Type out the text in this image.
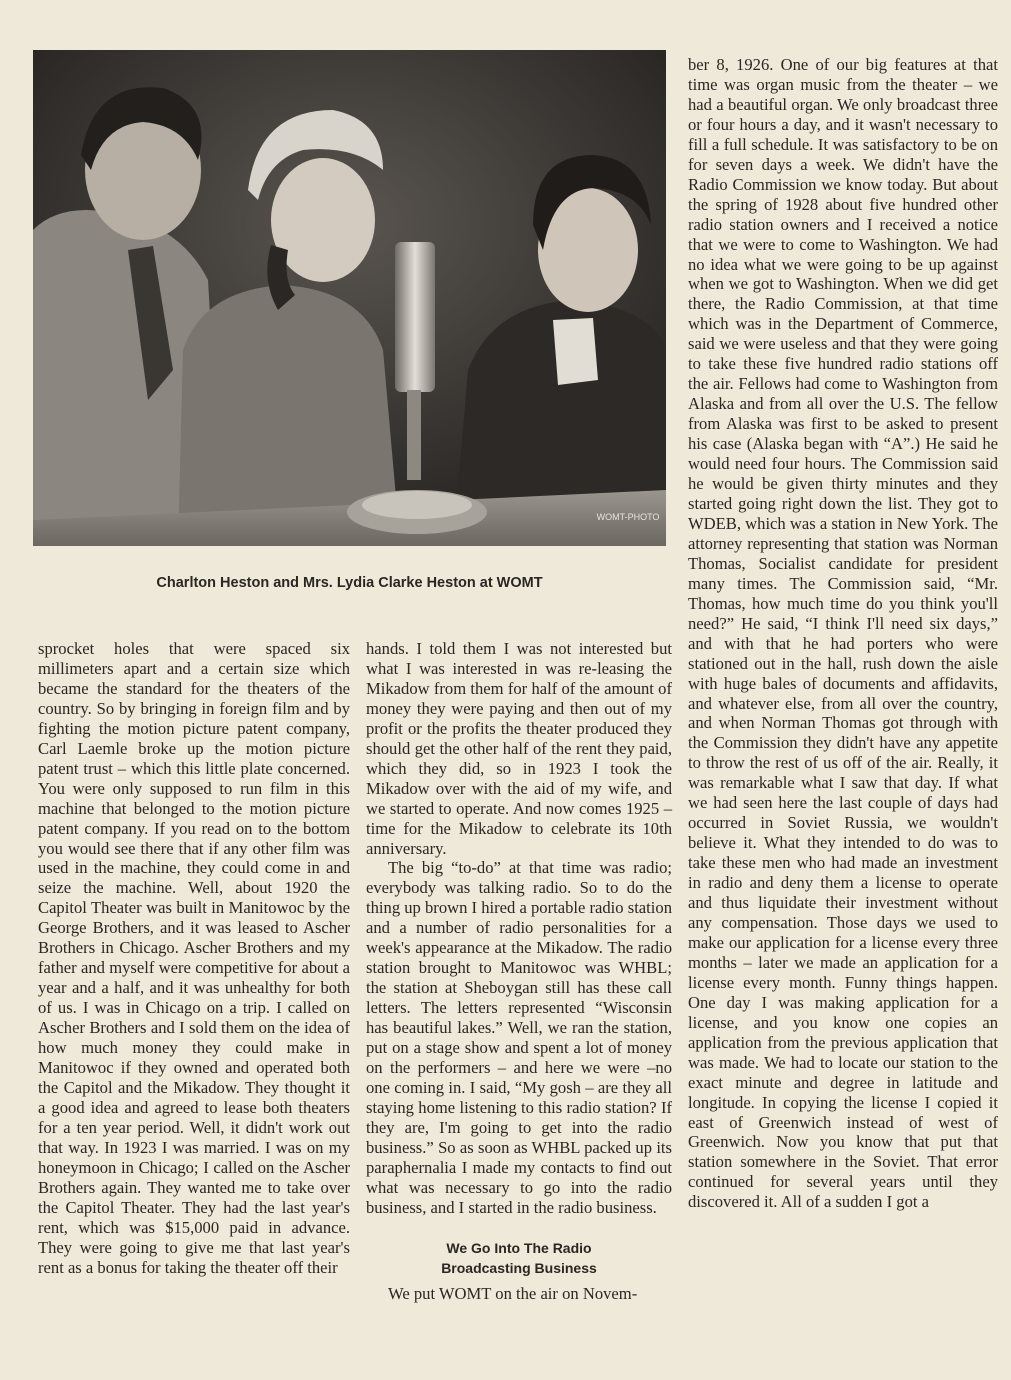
WOMT-PHOTO
Charlton Heston and Mrs. Lydia Clarke Heston at WOMT

sprocket holes that were spaced six millimeters apart and a certain size which became the standard for the theaters of the country. So by bringing in foreign film and by fighting the motion picture patent company, Carl Laemle broke up the motion picture patent trust – which this little plate concerned. You were only supposed to run film in this machine that belonged to the motion picture patent company. If you read on to the bottom you would see there that if any other film was used in the machine, they could come in and seize the machine. Well, about 1920 the Capitol Theater was built in Manitowoc by the George Brothers, and it was leased to Ascher Brothers in Chicago. Ascher Brothers and my father and myself were competitive for about a year and a half, and it was unhealthy for both of us. I was in Chicago on a trip. I called on Ascher Brothers and I sold them on the idea of how much money they could make in Manitowoc if they owned and operated both the Capitol and the Mikadow. They thought it a good idea and agreed to lease both theaters for a ten year period. Well, it didn't work out that way. In 1923 I was married. I was on my honeymoon in Chicago; I called on the Ascher Brothers again. They wanted me to take over the Capitol Theater. They had the last year's rent, which was $15,000 paid in advance. They were going to give me that last year's rent as a bonus for taking the theater off their

hands. I told them I was not interested but what I was interested in was re-leasing the Mikadow from them for half of the amount of money they were paying and then out of my profit or the profits the theater produced they should get the other half of the rent they paid, which they did, so in 1923 I took the Mikadow over with the aid of my wife, and we started to operate. And now comes 1925 – time for the Mikadow to celebrate its 10th anniversary.

The big “to-do” at that time was radio; everybody was talking radio. So to do the thing up brown I hired a portable radio station and a number of radio personalities for a week's appearance at the Mikadow. The radio station brought to Manitowoc was WHBL; the station at Sheboygan still has these call letters. The letters represented “Wisconsin has beautiful lakes.” Well, we ran the station, put on a stage show and spent a lot of money on the performers – and here we were –no one coming in. I said, “My gosh – are they all staying home listening to this radio station? If they are, I'm going to get into the radio business.” So as soon as WHBL packed up its paraphernalia I made my contacts to find out what was necessary to go into the radio business, and I started in the radio business.

We Go Into The Radio
Broadcasting Business

We put WOMT on the air on Novem-

ber 8, 1926. One of our big features at that time was organ music from the theater – we had a beautiful organ. We only broadcast three or four hours a day, and it wasn't necessary to fill a full schedule. It was satisfactory to be on for seven days a week. We didn't have the Radio Commission we know today. But about the spring of 1928 about five hundred other radio station owners and I received a notice that we were to come to Washington. We had no idea what we were going to be up against when we got to Washington. When we did get there, the Radio Commission, at that time which was in the Department of Commerce, said we were useless and that they were going to take these five hundred radio stations off the air. Fellows had come to Washington from Alaska and from all over the U.S. The fellow from Alaska was first to be asked to present his case (Alaska began with “A”.) He said he would need four hours. The Commission said he would be given thirty minutes and they started going right down the list. They got to WDEB, which was a station in New York. The attorney representing that station was Norman Thomas, Socialist candidate for president many times. The Commission said, “Mr. Thomas, how much time do you think you'll need?” He said, “I think I'll need six days,” and with that he had porters who were stationed out in the hall, rush down the aisle with huge bales of documents and affidavits, and whatever else, from all over the country, and when Norman Thomas got through with the Commission they didn't have any appetite to throw the rest of us off of the air. Really, it was remarkable what I saw that day. If what we had seen here the last couple of days had occurred in Soviet Russia, we wouldn't believe it. What they intended to do was to take these men who had made an investment in radio and deny them a license to operate and thus liquidate their investment without any compensation. Those days we used to make our application for a license every three months – later we made an application for a license every month. Funny things happen. One day I was making application for a license, and you know one copies an application from the previous application that was made. We had to locate our station to the exact minute and degree in latitude and longitude. In copying the license I copied it east of Greenwich instead of west of Greenwich. Now you know that put that station somewhere in the Soviet. That error continued for several years until they discovered it. All of a sudden I got a
